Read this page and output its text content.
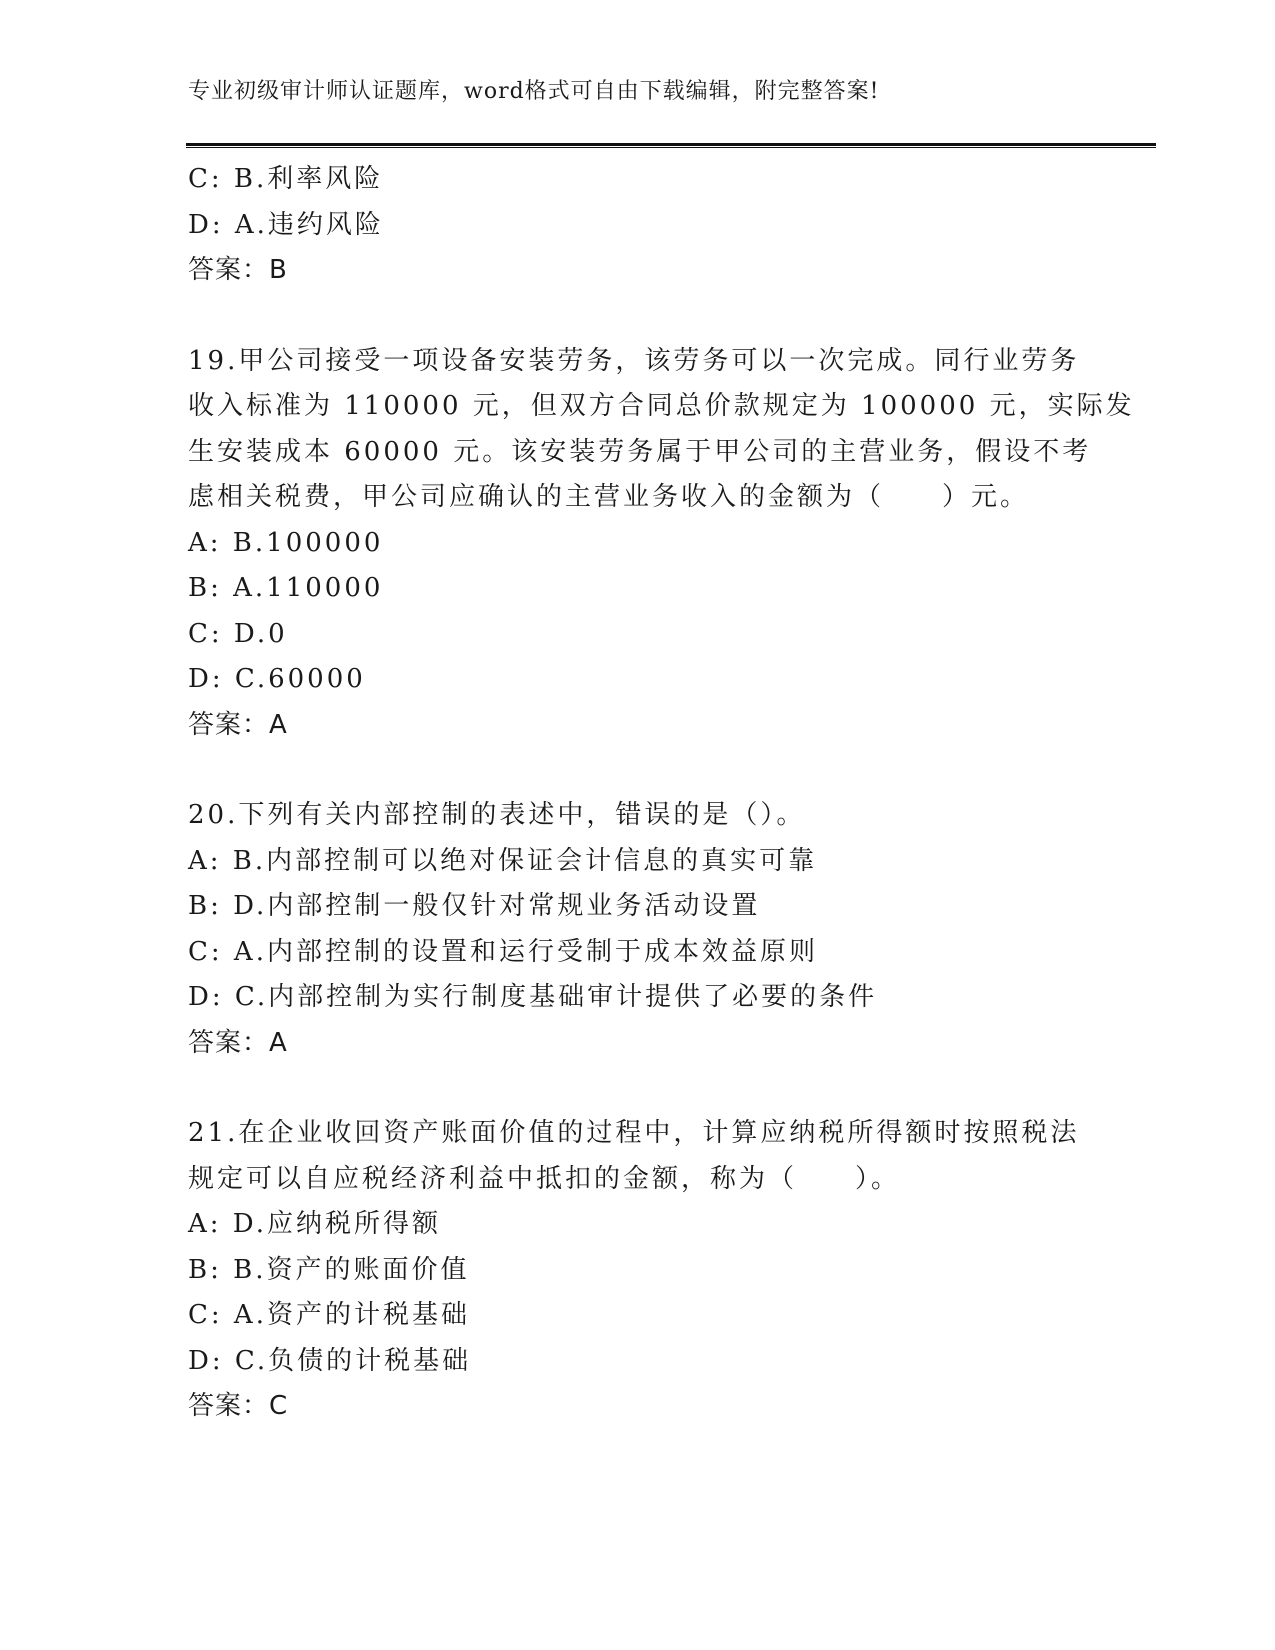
专业初级审计师认证题库，word格式可自由下载编辑，附完整答案!
C: B.利率风险
D: A.违约风险
答案：B
19.甲公司接受一项设备安装劳务，该劳务可以一次完成。同行业劳务
收入标准为 110000 元，但双方合同总价款规定为 100000 元，实际发
生安装成本 60000 元。该安装劳务属于甲公司的主营业务，假设不考
虑相关税费，甲公司应确认的主营业务收入的金额为（　　）元。
A: B.100000
B: A.110000
C: D.0
D: C.60000
答案：A
20.下列有关内部控制的表述中，错误的是（）。
A: B.内部控制可以绝对保证会计信息的真实可靠
B: D.内部控制一般仅针对常规业务活动设置
C: A.内部控制的设置和运行受制于成本效益原则
D: C.内部控制为实行制度基础审计提供了必要的条件
答案：A
21.在企业收回资产账面价值的过程中，计算应纳税所得额时按照税法
规定可以自应税经济利益中抵扣的金额，称为（　　）。
A: D.应纳税所得额
B: B.资产的账面价值
C: A.资产的计税基础
D: C.负债的计税基础
答案：C
